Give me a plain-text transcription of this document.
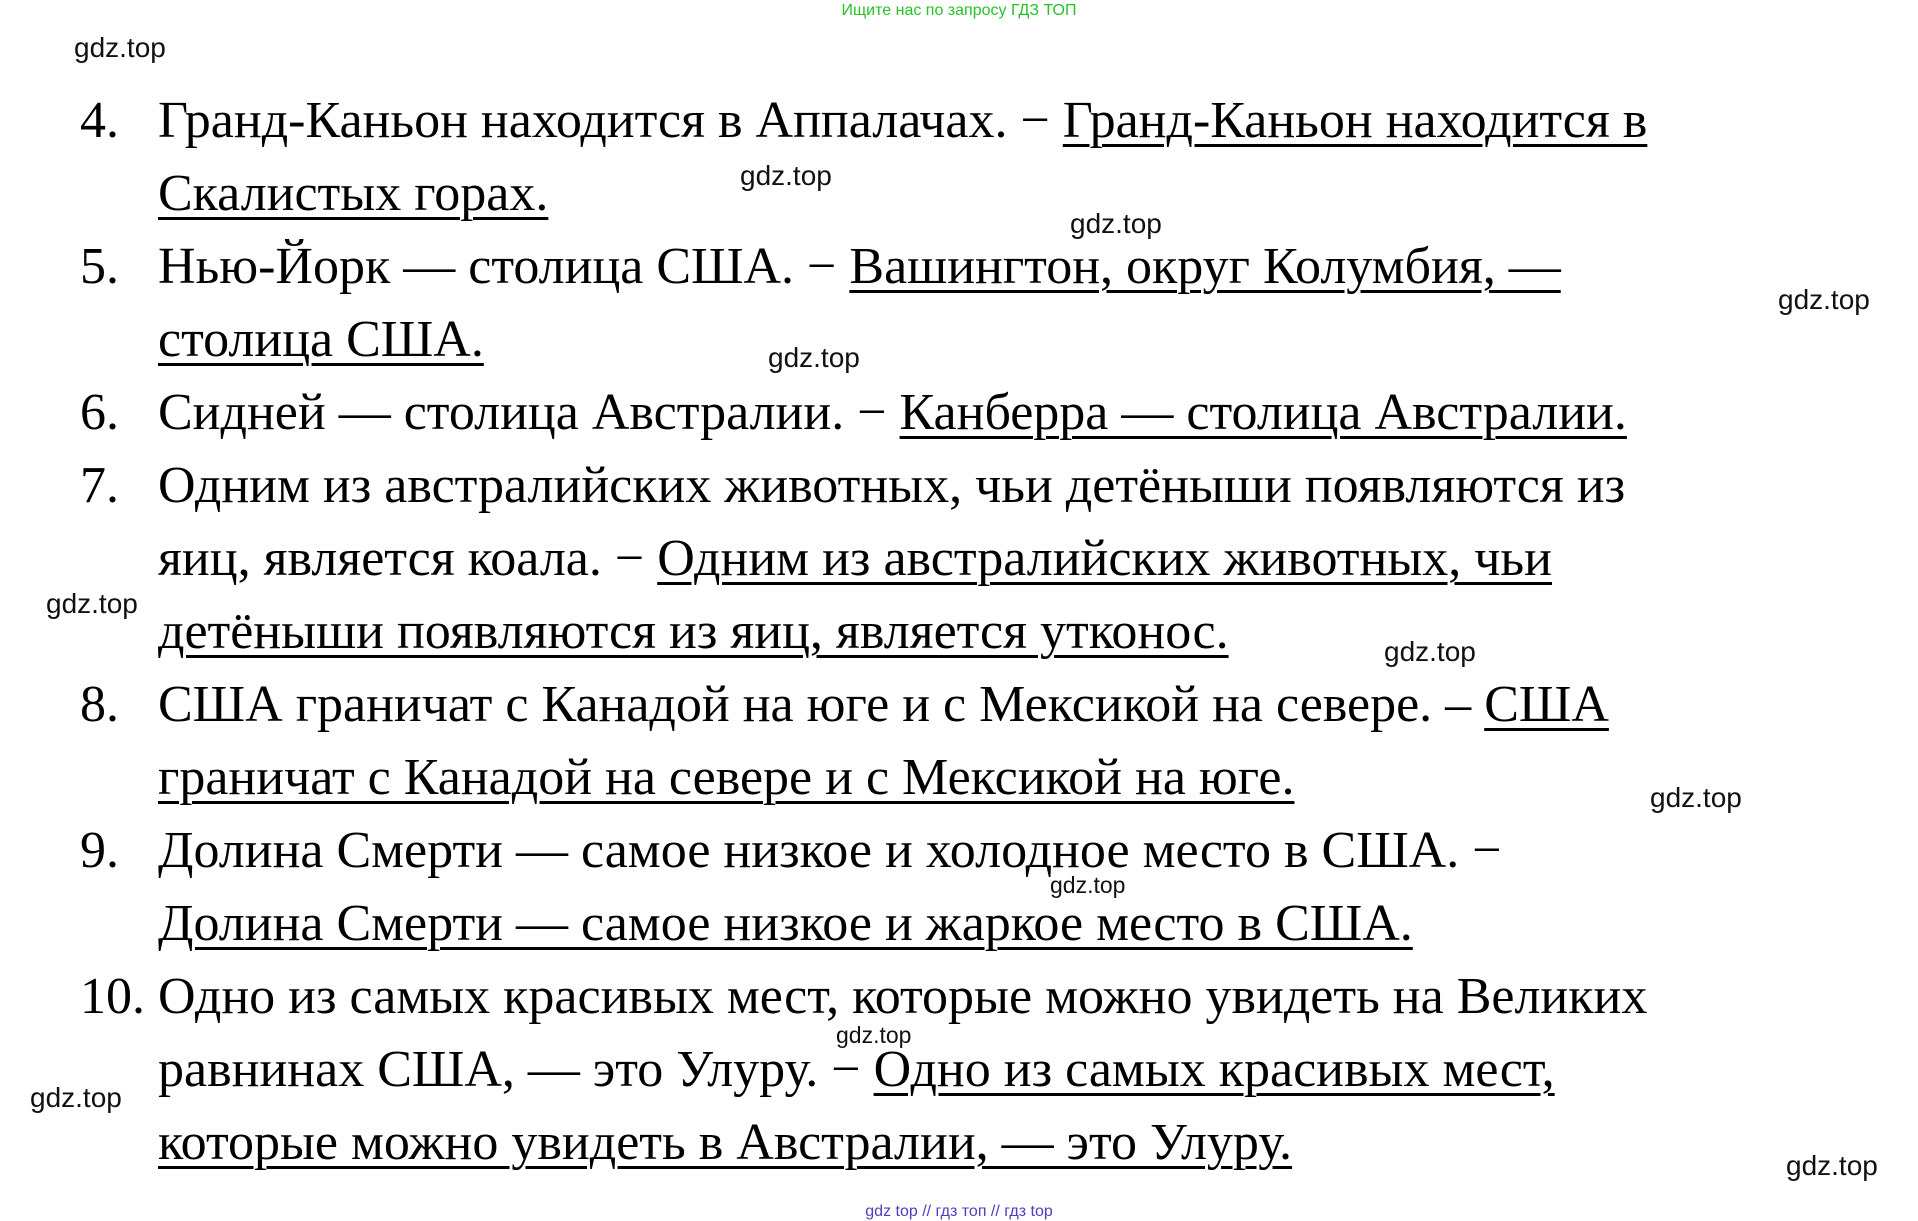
Ищите нас по запросу ГДЗ ТОП
4. Гранд-Каньон находится в Аппалачах. − Гранд-Каньон находится в
Скалистых горах.
5. Нью-Йорк — столица США. − Вашингтон, округ Колумбия, —
столица США.
6. Сидней — столица Австралии. − Канберра — столица Австралии.
7. Одним из австралийских животных, чьи детёныши появляются из
яиц, является коала. − Одним из австралийских животных, чьи
детёныши появляются из яиц, является утконос.
8. США граничат с Канадой на юге и с Мексикой на севере. – США
граничат с Канадой на севере и с Мексикой на юге.
9. Долина Смерти — самое низкое и холодное место в США. −
Долина Смерти — самое низкое и жаркое место в США.
10. Одно из самых красивых мест, которые можно увидеть на Великих
равнинах США, — это Улуру. − Одно из самых красивых мест,
которые можно увидеть в Австралии, — это Улуру.
gdz.top
gdz.top
gdz.top
gdz.top
gdz.top
gdz.top
gdz.top
gdz.top
gdz.top
gdz.top
gdz.top
gdz.top
gdz top // гдз топ // гдз top
